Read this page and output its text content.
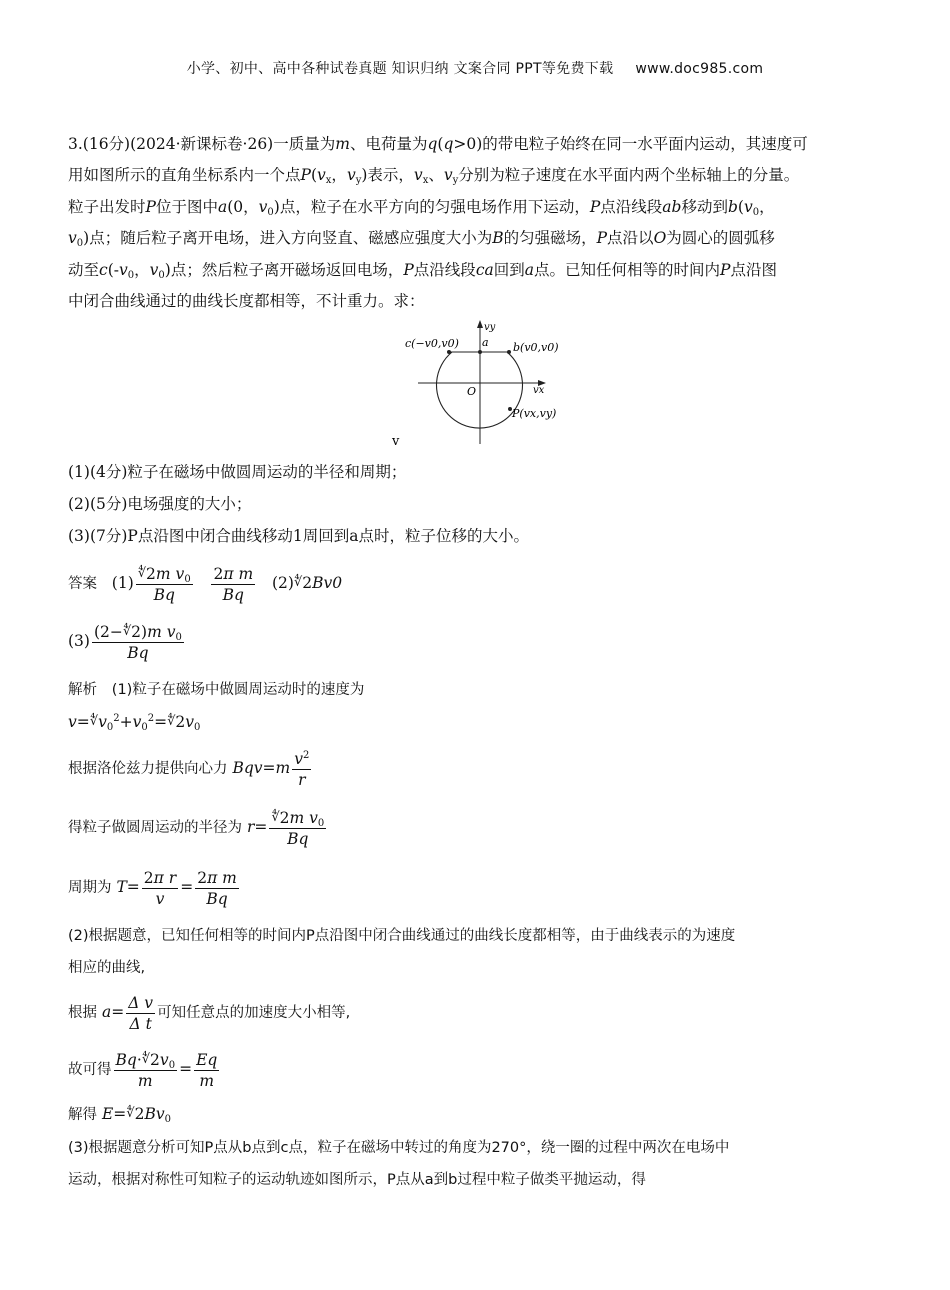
小学、初中、高中各种试卷真题 知识归纳 文案合同 PPT等免费下载 www.doc985.com
3.(16分)(2024·新课标卷·26)一质量为m、电荷量为q(q>0)的带电粒子始终在同一水平面内运动，其速度可
用如图所示的直角坐标系内一个点$P(v_x$，$v_y$)表示，$v_x$、$v_y$分别为粒子速度在水平面内两个坐标轴上的分量。
粒子出发时P位于图中a(0，$v_0$)点，粒子在水平方向的匀强电场作用下运动，P点沿线段ab移动到$b(v_0$，
$v_0$)点；随后粒子离开电场，进入方向竖直、磁感应强度大小为B的匀强磁场，P点沿以O为圆心的圆弧移
动至$c(-v_0$，$v_0$)点；然后粒子离开磁场返回电场，P点沿线段ca回到a点。已知任何相等的时间内P点沿图
中闭合曲线通过的曲线长度都相等，不计重力。求：
c(−v0,v0) a b(v0,v0)
O	vx
vy
P(vx,vy)
v
(1)(4分)粒子在磁场中做圆周运动的半径和周期；
(2)(5分)电场强度的大小；
(3)(7分)P点沿图中闭合曲线移动1周回到a点时，粒子位移的大小。
答案 $(1) \frac{∜2m v_0}{Bq}$
$\frac{\text{2π m}}{Bq}$ (2)∜2Bv0
$(3) \frac{(2-∜2)m v_0}{Bq}$
解析 (1)粒子在磁场中做圆周运动时的速度为
$v=∜v_0^2+v_0^2=∜2v_0$
根据洛伦兹力提供向心力 $Bqv=m \frac{v^2}{r}$
得粒子做圆周运动的半径为 $r= \frac{∜2m v_0}{Bq}$
周期为 $T= \frac{\text{2π r}}{v} = \frac{\text{2π m}}{Bq}$
(2)根据题意，已知任何相等的时间内P点沿图中闭合曲线通过的曲线长度都相等，由于曲线表示的为速度
相应的曲线,
根据 $a= \frac{\text{Δ v}}{\text{Δ t}}$ 可知任意点的加速度大小相等,
故可得 $\frac{Bq\cdot∜2v_0}{m} = \frac{Eq}{m}$
解得 $E=∜2Bv_0$
(3)根据题意分析可知P点从b点到c点，粒子在磁场中转过的角度为270°，绕一圈的过程中两次在电场中
运动，根据对称性可知粒子的运动轨迹如图所示，P点从a到b过程中粒子做类平抛运动，得
